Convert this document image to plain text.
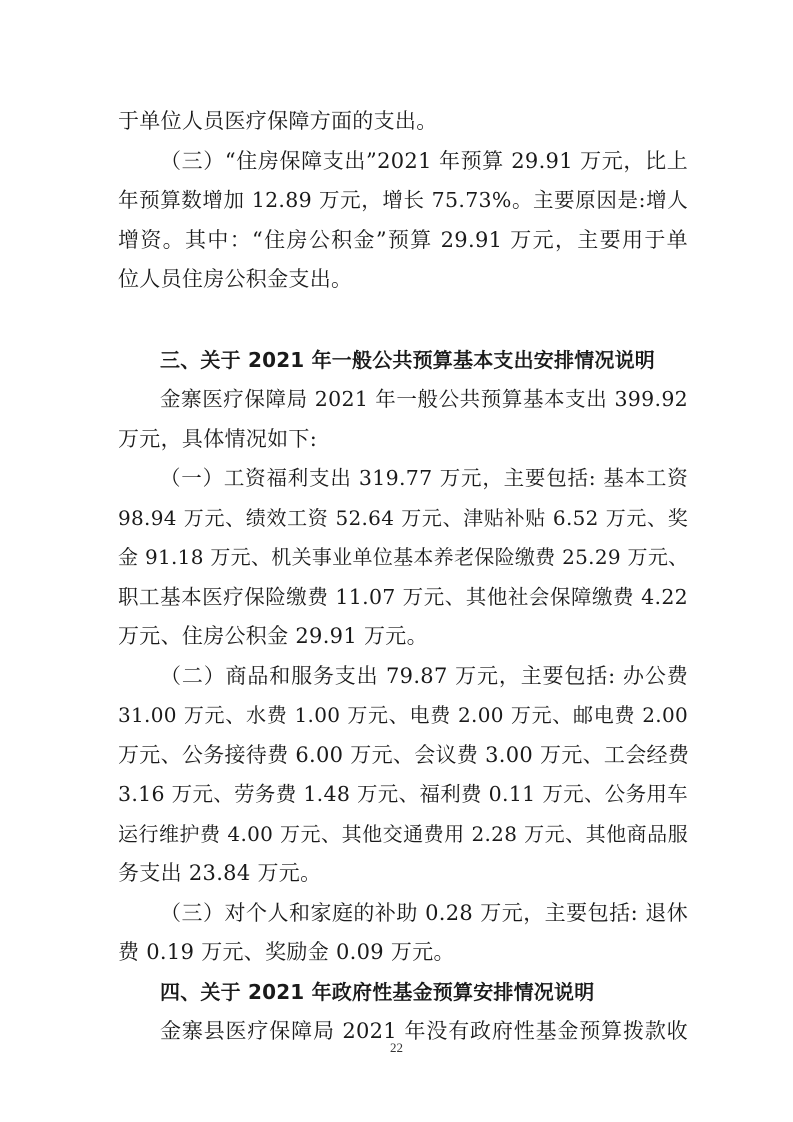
于单位人员医疗保障方面的支出。
（三）“住房保障支出”2021 年预算 29.91 万元，比上
年预算数增加 12.89 万元，增长 75.73%。主要原因是:增人
增资。其中：“住房公积金”预算 29.91 万元，主要用于单
位人员住房公积金支出。
三、关于 2021 年一般公共预算基本支出安排情况说明
金寨医疗保障局 2021 年一般公共预算基本支出 399.92
万元，具体情况如下:
（一）工资福利支出 319.77 万元，主要包括: 基本工资
98.94 万元、绩效工资 52.64 万元、津贴补贴 6.52 万元、奖
金 91.18 万元、机关事业单位基本养老保险缴费 25.29 万元、
职工基本医疗保险缴费 11.07 万元、其他社会保障缴费 4.22
万元、住房公积金 29.91 万元。
（二）商品和服务支出 79.87 万元，主要包括: 办公费
31.00 万元、水费 1.00 万元、电费 2.00 万元、邮电费 2.00
万元、公务接待费 6.00 万元、会议费 3.00 万元、工会经费
3.16 万元、劳务费 1.48 万元、福利费 0.11 万元、公务用车
运行维护费 4.00 万元、其他交通费用 2.28 万元、其他商品服
务支出 23.84 万元。
（三）对个人和家庭的补助 0.28 万元，主要包括: 退休
费 0.19 万元、奖励金 0.09 万元。
四、关于 2021 年政府性基金预算安排情况说明
金寨县医疗保障局 2021 年没有政府性基金预算拨款收
22
